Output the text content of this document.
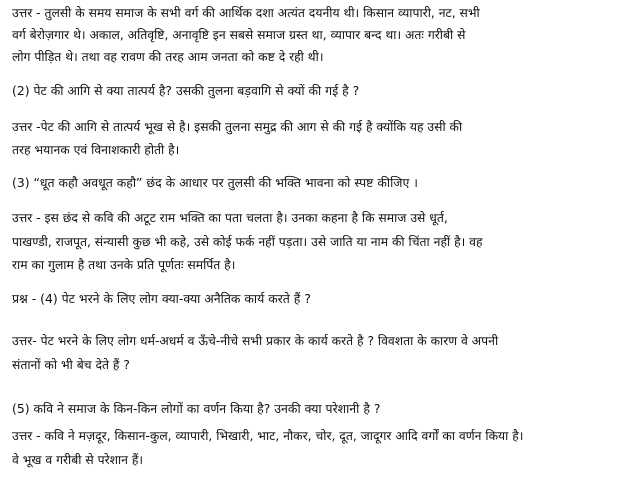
उत्तर - तुलसी के समय समाज के सभी वर्ग की आर्थिक दशा अत्यंत दयनीय थी। किसान व्यापारी, नट, सभी
वर्ग बेरोज़गार थे। अकाल, अतिवृष्टि, अनावृष्टि इन सबसे समाज ग्रस्त था, व्यापार बन्द था। अतः गरीबी से
लोग पीड़ित थे। तथा वह रावण की तरह आम जनता को कष्ट दे रही थी।
(2) पेट की आगि से क्या तात्पर्य है? उसकी तुलना बड़वागि से क्यों की गई है ?
उत्तर -पेट की आगि से तात्पर्य भूख से है। इसकी तुलना समुद्र की आग से की गई है क्योंकि यह उसी की
तरह भयानक एवं विनाशकारी होती है।
(3) “धूत कहौ अवधूत कहौ” छंद के आधार पर तुलसी की भक्ति भावना को स्पष्ट कीजिए ।
उत्तर - इस छंद से कवि की अटूट राम भक्ति का पता चलता है। उनका कहना है कि समाज उसे धूर्त,
पाखण्डी, राजपूत, संन्यासी कुछ भी कहे, उसे कोई फर्क नहीं पड़ता। उसे जाति या नाम की चिंता नहीं है। वह
राम का गुलाम है तथा उनके प्रति पूर्णतः समर्पित है।
प्रश्न - (4) पेट भरने के लिए लोग क्या-क्या अनैतिक कार्य करते हैं ?
उत्तर- पेट भरने के लिए लोग धर्म-अधर्म व ऊँचे-नीचे सभी प्रकार के कार्य करते है ? विवशता के कारण वे अपनी
संतानों को भी बेच देते हैं ?
(5) कवि ने समाज के किन-किन लोगों का वर्णन किया है? उनकी क्या परेशानी है ?
उत्तर - कवि ने मज़दूर, किसान-कुल, व्यापारी, भिखारी, भाट, नौकर, चोर, दूत, जादूगर आदि वर्गों का वर्णन किया है।
वे भूख व गरीबी से परेशान हैं।
